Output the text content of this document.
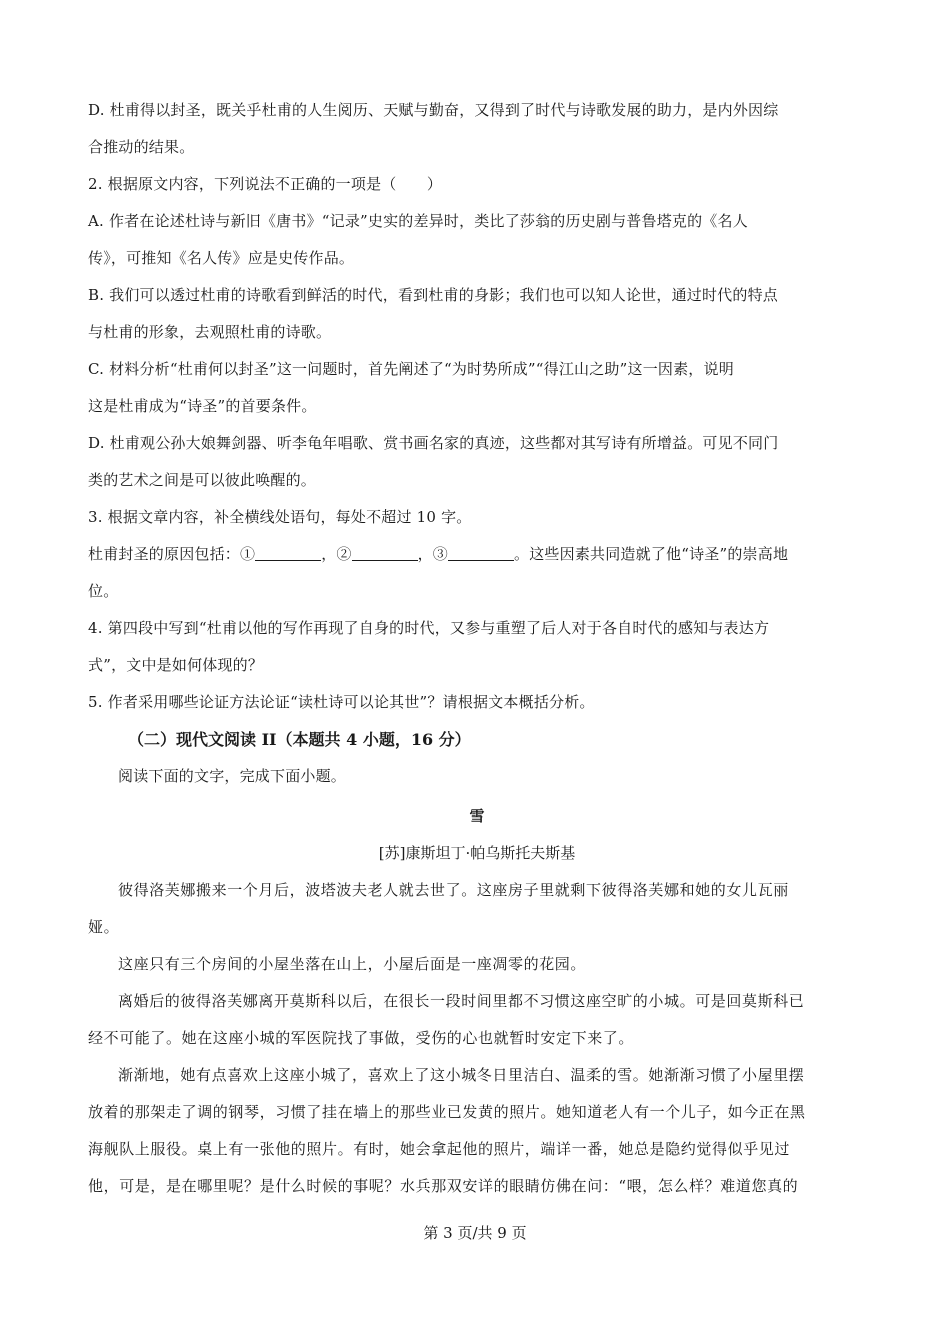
D. 杜甫得以封圣，既关乎杜甫的人生阅历、天赋与勤奋，又得到了时代与诗歌发展的助力，是内外因综
合推动的结果。
2. 根据原文内容，下列说法不正确的一项是（　　）
A. 作者在论述杜诗与新旧《唐书》“记录”史实的差异时，类比了莎翁的历史剧与普鲁塔克的《名人
传》，可推知《名人传》应是史传作品。
B. 我们可以透过杜甫的诗歌看到鲜活的时代，看到杜甫的身影；我们也可以知人论世，通过时代的特点
与杜甫的形象，去观照杜甫的诗歌。
C. 材料分析“杜甫何以封圣”这一问题时，首先阐述了“为时势所成”“得江山之助”这一因素，说明
这是杜甫成为“诗圣”的首要条件。
D. 杜甫观公孙大娘舞剑器、听李龟年唱歌、赏书画名家的真迹，这些都对其写诗有所增益。可见不同门
类的艺术之间是可以彼此唤醒的。
3. 根据文章内容，补全横线处语句，每处不超过 10 字。
杜甫封圣的原因包括：①	，②	，③	。这些因素共同造就了他“诗圣”的崇高地
位。
4. 第四段中写到“杜甫以他的写作再现了自身的时代，又参与重塑了后人对于各自时代的感知与表达方
式”，文中是如何体现的？
5. 作者采用哪些论证方法论证“读杜诗可以论其世”？请根据文本概括分析。
（二）现代文阅读 II（本题共 4 小题，16 分）
阅读下面的文字，完成下面小题。
雪
[苏]康斯坦丁·帕乌斯托夫斯基
彼得洛芙娜搬来一个月后，波塔波夫老人就去世了。这座房子里就剩下彼得洛芙娜和她的女儿瓦丽
娅。
这座只有三个房间的小屋坐落在山上，小屋后面是一座凋零的花园。
离婚后的彼得洛芙娜离开莫斯科以后，在很长一段时间里都不习惯这座空旷的小城。可是回莫斯科已
经不可能了。她在这座小城的军医院找了事做，受伤的心也就暂时安定下来了。
渐渐地，她有点喜欢上这座小城了，喜欢上了这小城冬日里洁白、温柔的雪。她渐渐习惯了小屋里摆
放着的那架走了调的钢琴，习惯了挂在墙上的那些业已发黄的照片。她知道老人有一个儿子，如今正在黑
海舰队上服役。桌上有一张他的照片。有时，她会拿起他的照片，端详一番，她总是隐约觉得似乎见过
他，可是，是在哪里呢？是什么时候的事呢？水兵那双安详的眼睛仿佛在问：“喂，怎么样？难道您真的
第 3 页/共 9 页
